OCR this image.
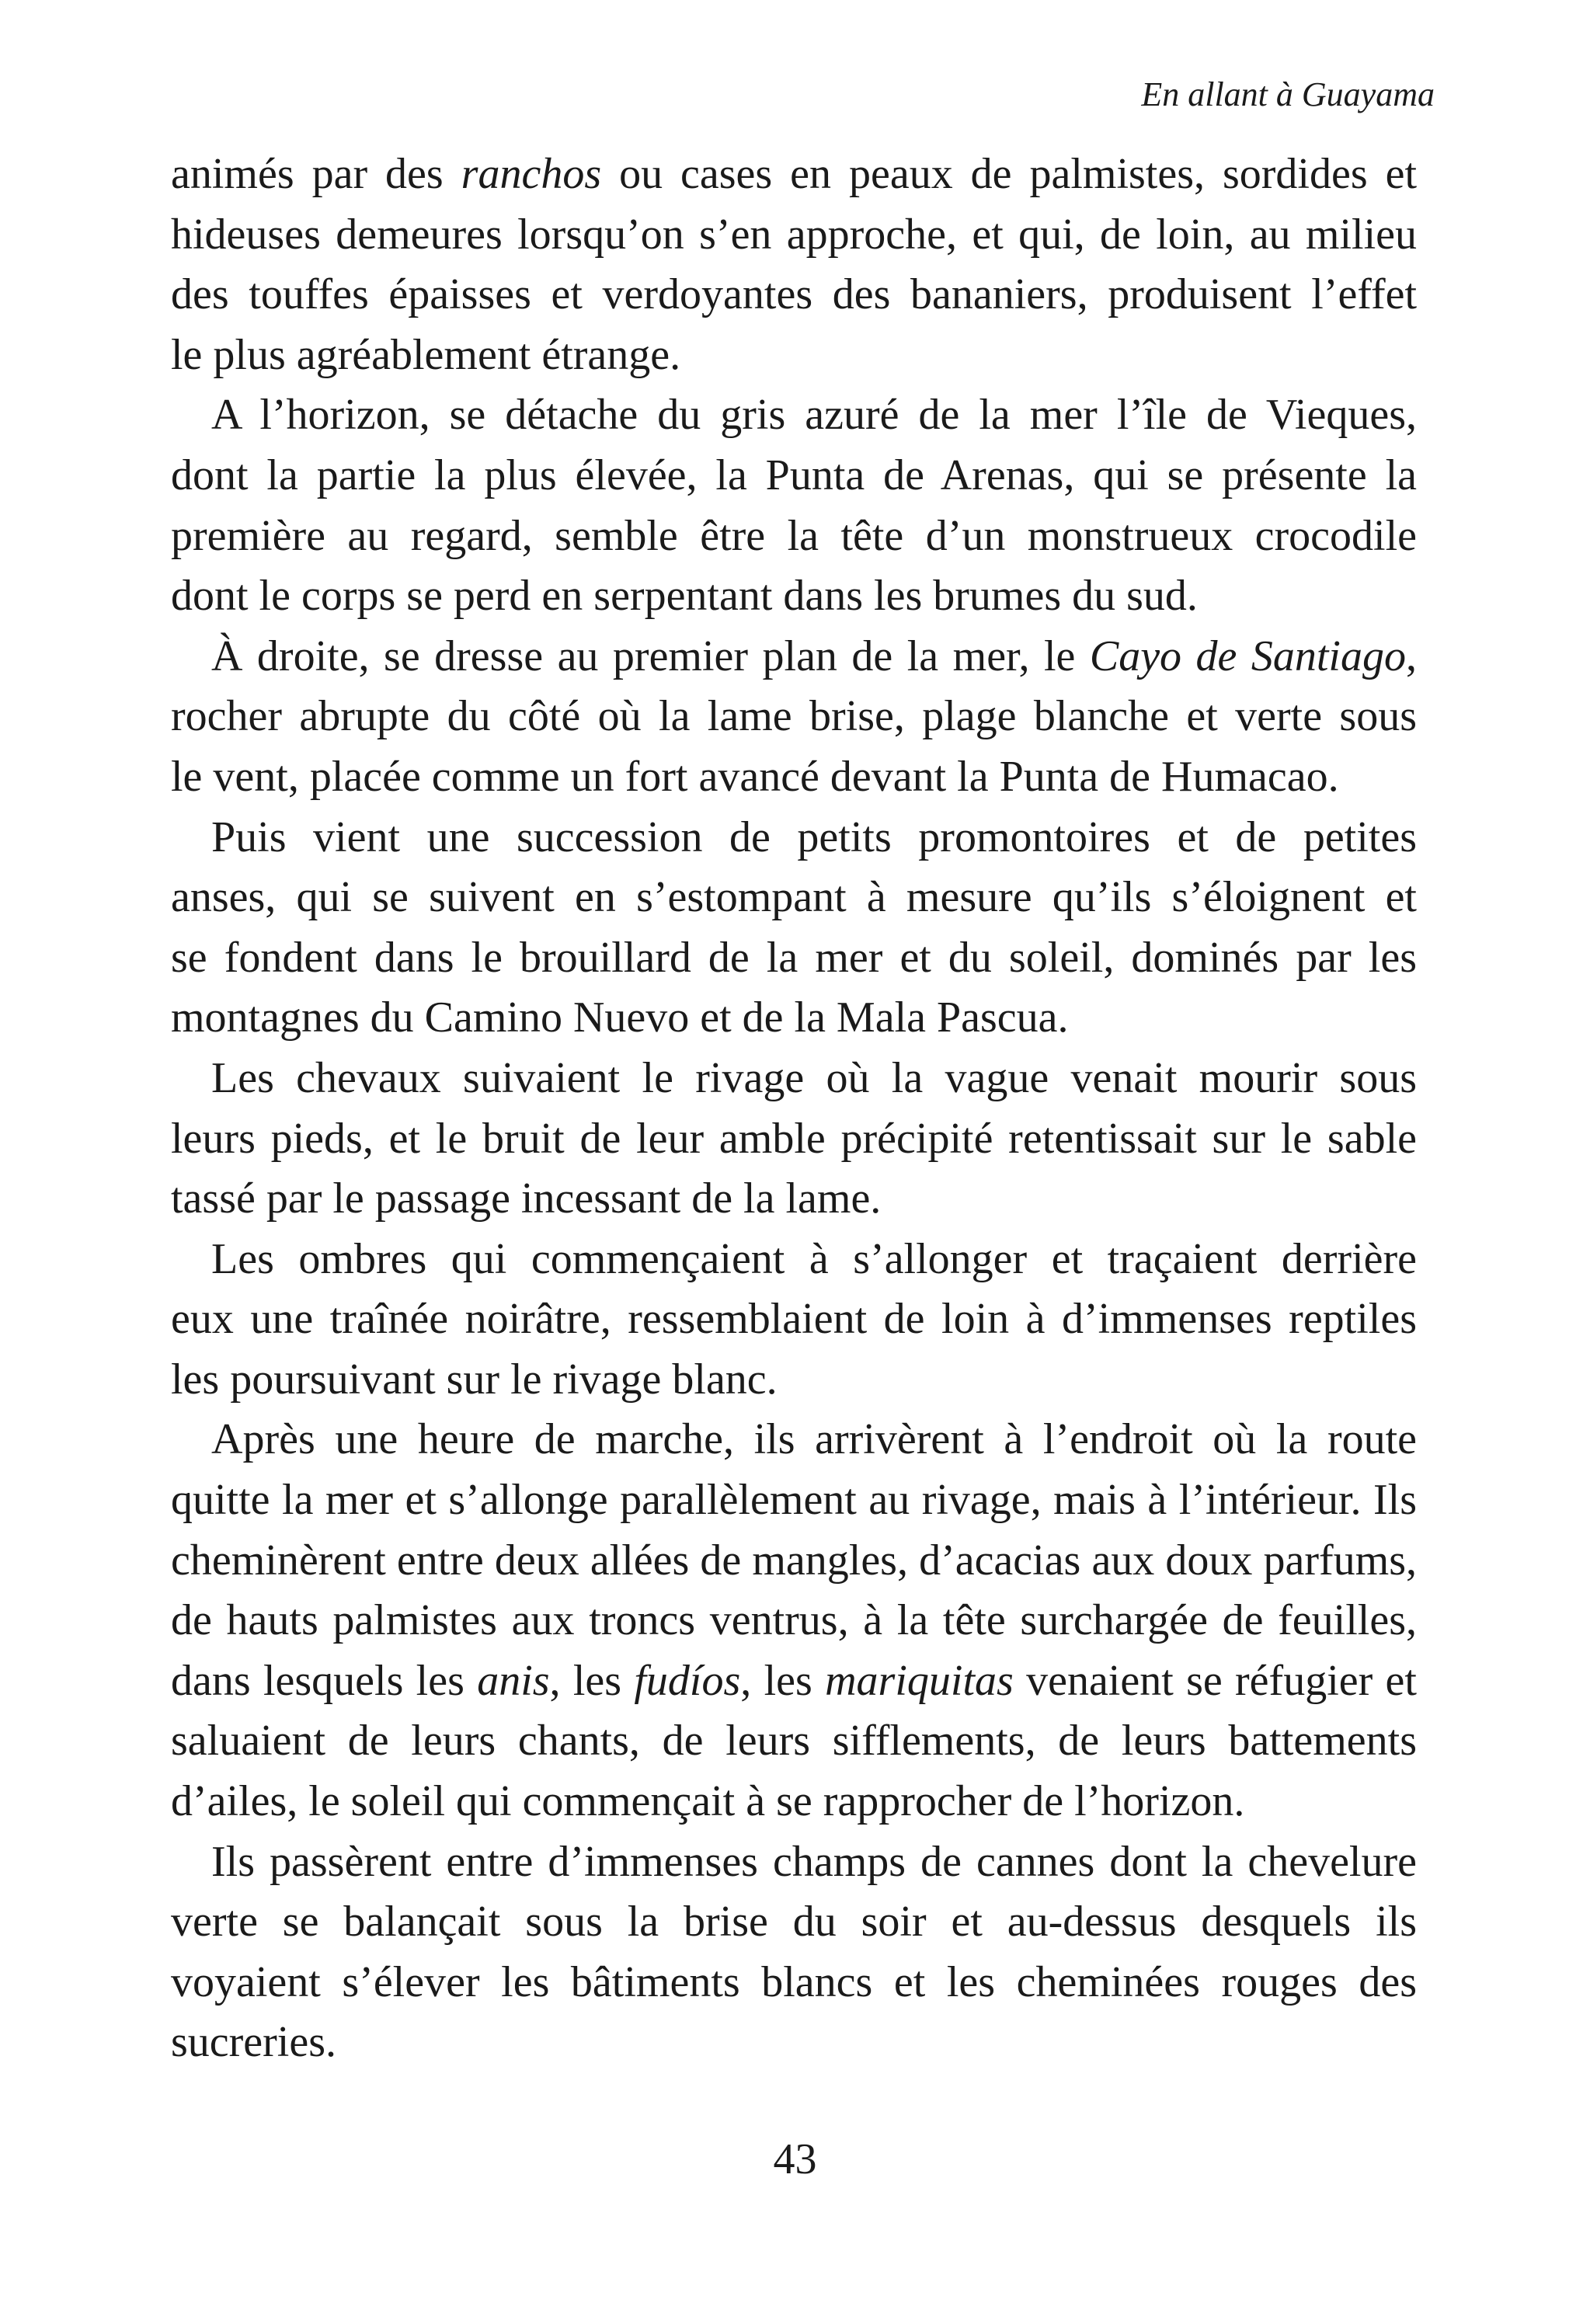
En allant à Guayama
animés par des ranchos ou cases en peaux de palmistes, sordides et
hideuses demeures lorsqu’on s’en approche, et qui, de loin, au milieu
des touffes épaisses et verdoyantes des bananiers, produisent l’effet
le plus agréablement étrange.
A l’horizon, se détache du gris azuré de la mer l’île de Vieques,
dont la partie la plus élevée, la Punta de Arenas, qui se présente la
première au regard, semble être la tête d’un monstrueux crocodile
dont le corps se perd en serpentant dans les brumes du sud.
À droite, se dresse au premier plan de la mer, le Cayo de Santiago,
rocher abrupte du côté où la lame brise, plage blanche et verte sous
le vent, placée comme un fort avancé devant la Punta de Humacao.
Puis vient une succession de petits promontoires et de petites
anses, qui se suivent en s’estompant à mesure qu’ils s’éloignent et
se fondent dans le brouillard de la mer et du soleil, dominés par les
montagnes du Camino Nuevo et de la Mala Pascua.
Les chevaux suivaient le rivage où la vague venait mourir sous
leurs pieds, et le bruit de leur amble précipité retentissait sur le sable
tassé par le passage incessant de la lame.
Les ombres qui commençaient à s’allonger et traçaient derrière
eux une traînée noirâtre, ressemblaient de loin à d’immenses reptiles
les poursuivant sur le rivage blanc.
Après une heure de marche, ils arrivèrent à l’endroit où la route
quitte la mer et s’allonge parallèlement au rivage, mais à l’intérieur. Ils
cheminèrent entre deux allées de mangles, d’acacias aux doux parfums,
de hauts palmistes aux troncs ventrus, à la tête surchargée de feuilles,
dans lesquels les anis, les fudíos, les mariquitas venaient se réfugier et
saluaient de leurs chants, de leurs sifflements, de leurs battements
d’ailes, le soleil qui commençait à se rapprocher de l’horizon.
Ils passèrent entre d’immenses champs de cannes dont la chevelure
verte se balançait sous la brise du soir et au-dessus desquels ils
voyaient s’élever les bâtiments blancs et les cheminées rouges des
sucreries.
43
